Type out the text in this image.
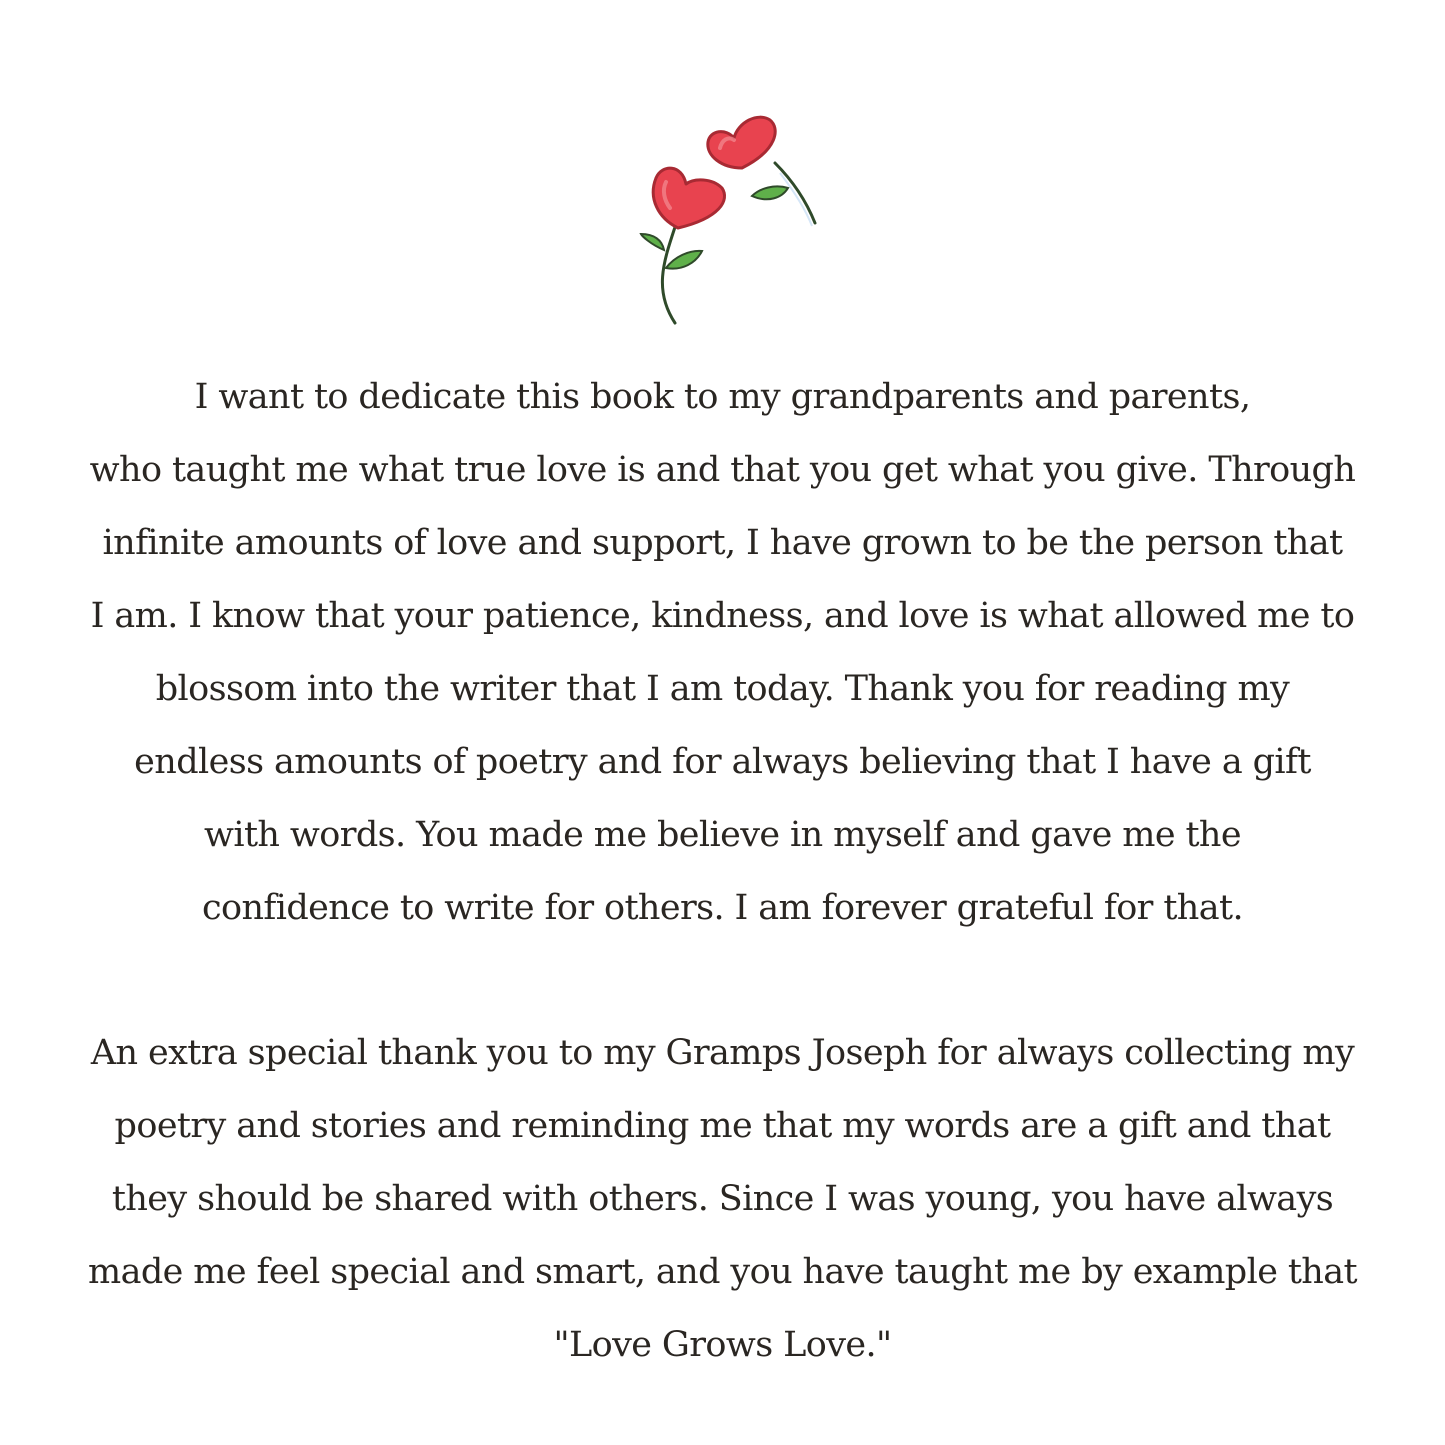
I want to dedicate this book to my grandparents and parents,
who taught me what true love is and that you get what you give. Through
infinite amounts of love and support, I have grown to be the person that
I am. I know that your patience, kindness, and love is what allowed me to
blossom into the writer that I am today. Thank you for reading my
endless amounts of poetry and for always believing that I have a gift
with words. You made me believe in myself and gave me the
confidence to write for others. I am forever grateful for that.
An extra special thank you to my Gramps Joseph for always collecting my
poetry and stories and reminding me that my words are a gift and that
they should be shared with others. Since I was young, you have always
made me feel special and smart, and you have taught me by example that
"Love Grows Love."
